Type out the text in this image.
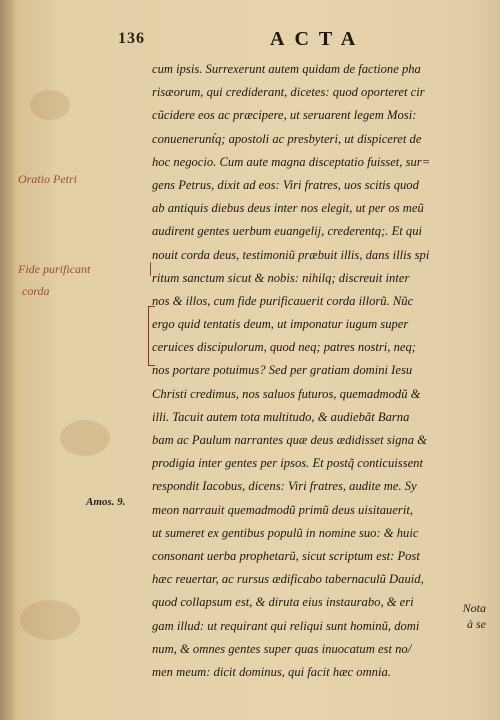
136	ACTA
cum ipsis. Surrexerunt autem quidam de factione pha
risæorum, qui crediderant, dicetes: quod oporteret cir
cũcidere eos ac præcipere, ut seruarent legem Mosi:
conuenerunt́q; apostoli ac presbyteri, ut dispiceret de
hoc negocio. Cum aute magna disceptatio fuisset, sur=
gens Petrus, dixit ad eos: Viri fratres, uos scitis quod
ab antiquis diebus deus inter nos elegit, ut per os meũ
audirent gentes uerbum euangelij, crederentq;. Et qui
nouit corda deus, testimoniũ præbuit illis, dans illis spi
ritum sanctum sicut & nobis: nihilq; discreuit inter
nos & illos, cum fide purificauerit corda illorũ. Nũc
ergo quid tentatis deum, ut imponatur iugum super
ceruices discipulorum, quod neq; patres nostri, neq;
nos portare potuimus? Sed per gratiam domini Iesu
Christi credimus, nos saluos futuros, quemadmodũ &
illi. Tacuit autem tota multitudo, & audiebãt Barna
bam ac Paulum narrantes quæ deus ædidisset signa &
prodigia inter gentes per ipsos. Et postq̃ conticuissent
respondit Iacobus, dicens: Viri fratres, audite me. Sy
meon narrauit quemadmodũ primũ deus uisitauerit,
ut sumeret ex gentibus populũ in nomine suo: & huic
consonant uerba prophetarũ, sicut scriptum est: Post
hæc reuertar, ac rursus ædificabo tabernaculũ Dauid,
quod collapsum est, & diruta eius instaurabo, & eri
gam illud: ut requirant qui reliqui sunt hominũ, domi
num, & omnes gentes super quas inuocatum est no/
men meum: dicit dominus, qui facit hæc omnia.
Oratio Petri
Fide purificant
corda
Amos. 9.
Nota
à se
